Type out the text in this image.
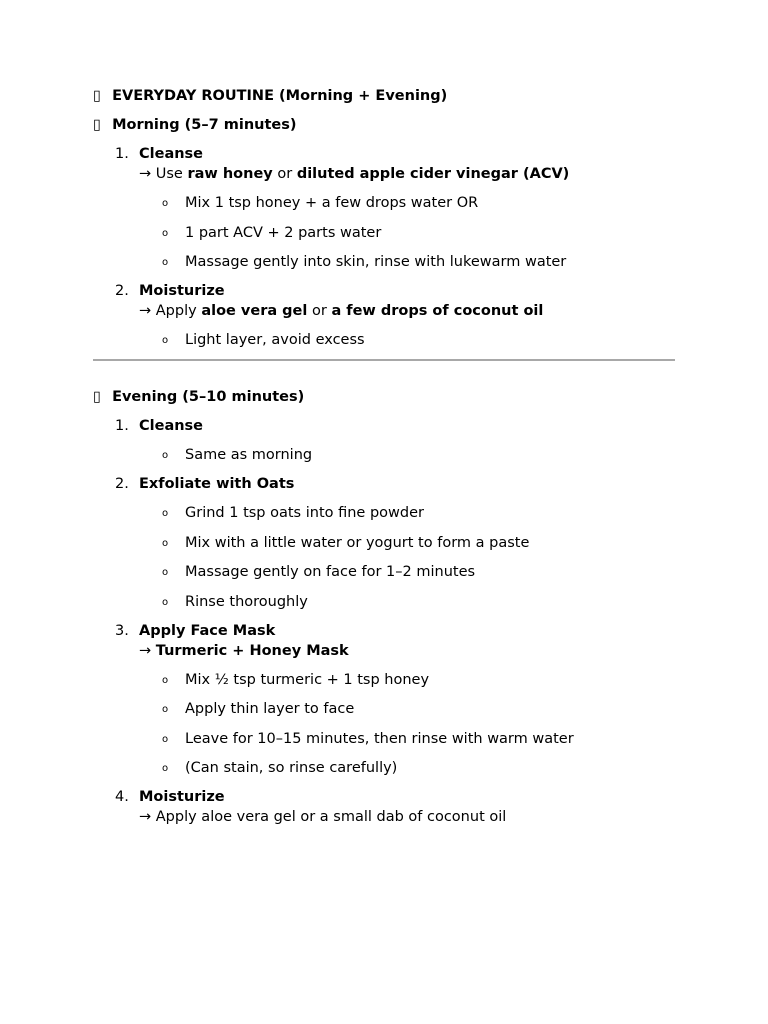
▯ EVERYDAY ROUTINE (Morning + Evening)
▯ Morning (5–7 minutes)
1. Cleanse
→ Use raw honey or diluted apple cider vinegar (ACV)
o Mix 1 tsp honey + a few drops water OR
o 1 part ACV + 2 parts water
o Massage gently into skin, rinse with lukewarm water
2. Moisturize
→ Apply aloe vera gel or a few drops of coconut oil
o Light layer, avoid excess
▯ Evening (5–10 minutes)
1. Cleanse
o Same as morning
2. Exfoliate with Oats
o Grind 1 tsp oats into fine powder
o Mix with a little water or yogurt to form a paste
o Massage gently on face for 1–2 minutes
o Rinse thoroughly
3. Apply Face Mask
→ Turmeric + Honey Mask
o Mix ½ tsp turmeric + 1 tsp honey
o Apply thin layer to face
o Leave for 10–15 minutes, then rinse with warm water
o (Can stain, so rinse carefully)
4. Moisturize
→ Apply aloe vera gel or a small dab of coconut oil
